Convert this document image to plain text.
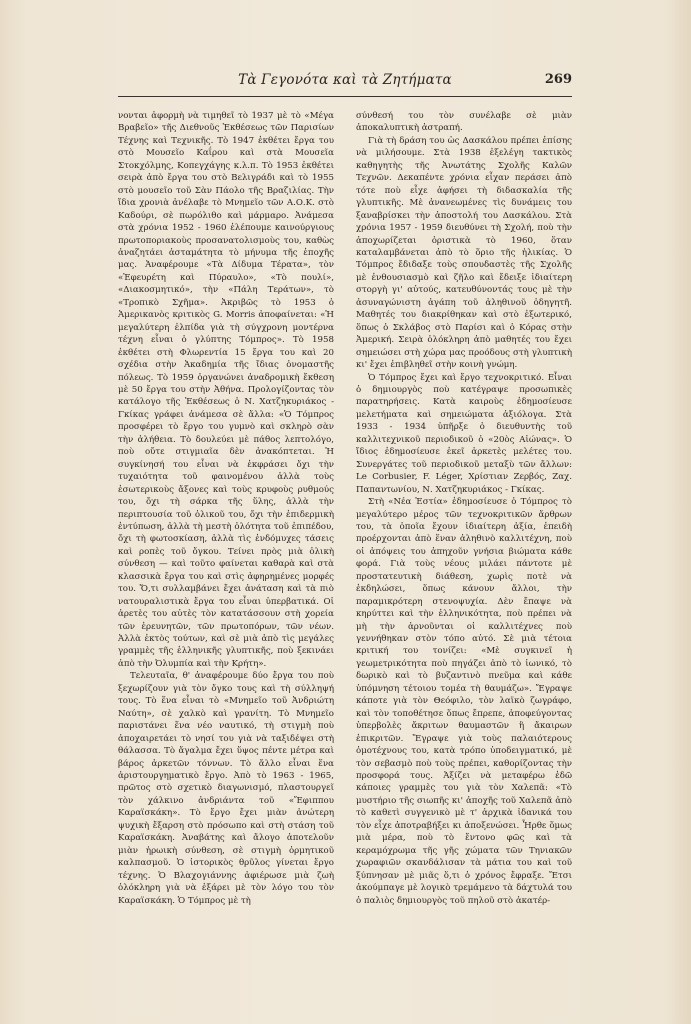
Τὰ Γεγονότα καὶ τὰ Ζητήματα	269

νονται ἀφορμὴ νὰ τιμηθεῖ τὸ 1937 μὲ τὸ «Μέγα Βραβεῖο» τῆς Διεθνοῦς Ἐκθέσεως τῶν Παρισίων Τέχνης καὶ Τεχνικῆς. Τὸ 1947 ἐκθέτει ἔργα του στὸ Μουσεῖο Καΐρου καὶ στὰ Μουσεῖα Στοκχόλμης, Κοπεγχάγης κ.λ.π. Τὸ 1953 ἐκθέτει σειρὰ ἀπὸ ἔργα του στὸ Βελιγράδι καὶ τὸ 1955 στὸ μουσεῖο τοῦ Σὰν Πάολο τῆς Βραζιλίας. Τὴν ἴδια χρονιὰ ἀνέλαβε τὸ Μνημεῖο τῶν Α.Ο.Κ. στὸ Καδούρι, σὲ πωρόλιθο καὶ μάρμαρο. Ἀνάμεσα στὰ χρόνια 1952 - 1960 ἐλέπουμε καινούργιους πρωτοποριακοὺς προσανατολισμοὺς του, καθὼς ἀναζητάει ἀσταμάτητα τὸ μήνυμα τῆς ἐποχῆς μας. Ἀναφέρουμε «Τὰ Δίδυμα Τέρατα», τὸν «Ἐφευρέτη καὶ Πύραυλο», «Τὸ πουλί», «Διακοσμητικό», τὴν «Πάλη Τεράτων», τὸ «Τροπικὸ Σχῆμα». Ἀκριβῶς τὸ 1953 ὁ Ἀμερικανὸς κριτικὸς G. Morris ἀποφαίνεται: «Ἡ μεγαλύτερη ἐλπίδα γιὰ τὴ σύγχρονη μοντέρνα τέχνη εἶναι ὁ γλύπτης Τόμπρος». Τὸ 1958 ἐκθέτει στὴ Φλωρεντία 15 ἔργα του καὶ 20 σχέδια στὴν Ἀκαδημία τῆς ἴδιας ὀνομαστῆς πόλεως. Τὸ 1959 ὀργανώνει ἀναδρομικὴ ἔκθεση μὲ 50 ἔργα του στὴν Ἀθήνα. Προλογίζοντας τὸν κατάλογο τῆς Ἐκθέσεως ὁ Ν. Χατζηκυριάκος - Γκίκας γράφει ἀνάμεσα σὲ ἄλλα: «Ὁ Τόμπρος προσφέρει τὸ ἔργο του γυμνὸ καὶ σκληρὸ σὰν τὴν ἀλήθεια. Τὸ δουλεύει μὲ πάθος λεπτολόγο, ποὺ οὔτε στιγμιαῖα δὲν ἀνακόπτεται. Ἡ συγκίνησή του εἶναι νὰ ἐκφράσει ὄχι τὴν τυχαιότητα τοῦ φαινομένου ἀλλὰ τοὺς ἐσωτερικοὺς ἄξονες καὶ τοὺς κρυφοὺς ρυθμούς του, ὄχι τὴ σάρκα τῆς ὕλης, ἀλλὰ τὴν περιπτουσία τοῦ ὁλικοῦ του, ὄχι τὴν ἐπιδερμικὴ ἐντύπωση, ἀλλὰ τὴ μεστὴ ὁλότητα τοῦ ἐπιπέδου, ὄχι τὴ φωτοσκίαση, ἀλλὰ τὶς ἐνδόμυχες τάσεις καὶ ροπὲς τοῦ ὄγκου. Τείνει πρὸς μιὰ ὁλικὴ σύνθεση — καὶ τοῦτο φαίνεται καθαρὰ καὶ στὰ κλασσικὰ ἔργα του καὶ στὶς ἀφηρημένες μορφές του. Ὅ,τι συλλαμβάνει ἔχει ἀνάταση καὶ τὰ πιὸ νατουραλιστικὰ ἔργα του εἶναι ὑπερβατικά. Οἱ ἀρετὲς του αὐτὲς τὸν κατατάσσουν στὴ χορεία τῶν ἐρευνητῶν, τῶν πρωτοπόρων, τῶν νέων. Ἀλλὰ ἐκτὸς τούτων, καὶ σὲ μιὰ ἀπὸ τὶς μεγάλες γραμμὲς τῆς ἑλληνικῆς γλυπτικῆς, ποὺ ξεκινάει ἀπὸ τὴν Ὀλυμπία καὶ τὴν Κρήτη».

Τελευταῖα, θ' ἀναφέρουμε δύο ἔργα του ποὺ ξεχωρίζουν γιὰ τὸν ὄγκο τους καὶ τὴ σύλληψή τους. Τὸ ἕνα εἶναι τὸ «Μνημεῖο τοῦ Ἀνδριώτη Ναύτη», σὲ χαλκὸ καὶ γρανίτη. Τὸ Μνημεῖο παριστάνει ἕνα νέο ναυτικό, τὴ στιγμὴ ποὺ ἀποχαιρετάει τὸ νησί του γιὰ νὰ ταξιδέψει στὴ θάλασσα. Τὸ ἄγαλμα ἔχει ὕψος πέντε μέτρα καὶ βάρος ἀρκετῶν τόννων. Τὸ ἄλλο εἶναι ἕνα ἀριστουργηματικὸ ἔργο. Ἀπὸ τὸ 1963 - 1965, πρῶτος στὸ σχετικὸ διαγωνισμό, πλαστουργεῖ τὸν χάλκινο ἀνδριάντα τοῦ «Ἔφιππου Καραϊσκάκη». Τὸ ἔργο ἔχει μιὰν ἀνώτερη ψυχικὴ ἔξαρση στὸ πρόσωπο καὶ στὴ στάση τοῦ Καραϊσκάκη. Ἀναβάτης καὶ ἄλογο ἀποτελοῦν μιὰν ἡρωικὴ σύνθεση, σὲ στιγμὴ ὁρμητικοῦ καλπασμοῦ. Ὁ ἱστορικὸς θρῦλος γίνεται ἔργο τέχνης. Ὁ Βλαχογιάννης ἀφιέρωσε μιὰ ζωὴ ὁλόκληρη γιὰ νὰ ἐξάρει μὲ τὸν λόγο του τὸν Καραϊσκάκη. Ὁ Τόμπρος μὲ τὴ

σύνθεσή του τὸν συνέλαβε σὲ μιὰν ἀποκαλυπτικὴ ἀστραπή.

Γιὰ τὴ δράση του ὡς Δασκάλου πρέπει ἐπίσης νὰ μιλήσουμε. Στὰ 1938 ἐξελέγη τακτικὸς καθηγητὴς τῆς Ἀνωτάτης Σχολῆς Καλῶν Τεχνῶν. Δεκαπέντε χρόνια εἶχαν περάσει ἀπὸ τότε ποὺ εἶχε ἀφήσει τὴ διδασκαλία τῆς γλυπτικῆς. Μὲ ἀνανεωμένες τὶς δυνάμεις του ξαναβρίσκει τὴν ἀποστολή του Δασκάλου. Στὰ χρόνια 1957 - 1959 διευθύνει τὴ Σχολή, ποὺ τὴν ἀποχωρίζεται ὁριστικὰ τὸ 1960, ὅταν καταλαμβάνεται ἀπὸ τὸ ὅριο τῆς ἡλικίας. Ὁ Τόμπρος ἔδιδαξε τοὺς σπουδαστὲς τῆς Σχολῆς μὲ ἐνθουσιασμὸ καὶ ζῆλο καὶ ἔδειξε ἰδιαίτερη στοργὴ γι' αὐτούς, κατευθύνοντάς τους μὲ τὴν ἀσυναγώνιστη ἀγάπη τοῦ ἀληθινοῦ ὁδηγητῆ. Μαθητές του διακρίθηκαν καὶ στὸ ἐξωτερικό, ὅπως ὁ Σκλάβος στὸ Παρίσι καὶ ὁ Κόρας στὴν Ἀμερική. Σειρὰ ὁλόκληρη ἀπὸ μαθητές του ἔχει σημειώσει στὴ χώρα μας προόδους στὴ γλυπτικὴ κι' ἔχει ἐπιβληθεῖ στὴν κοινὴ γνώμη.

Ὁ Τόμπρος ἔχει καὶ ἔργο τεχνοκριτικό. Εἶναι ὁ δημιουργὸς ποὺ κατέγραψε προσωπικὲς παρατηρήσεις. Κατὰ καιροὺς ἐδημοσίευσε μελετήματα καὶ σημειώματα ἀξιόλογα. Στὰ 1933 - 1934 ὑπῆρξε ὁ διευθυντὴς τοῦ καλλιτεχνικοῦ περιοδικοῦ ὁ «20ὸς Αἰώνας». Ὁ ἴδιος ἐδημοσίευσε ἐκεῖ ἀρκετὲς μελέτες του. Συνεργάτες τοῦ περιοδικοῦ μεταξὺ τῶν ἄλλων: Le Corbusier, F. Léger, Χρίστιαν Ζερβός, Ζαχ. Παπαντωνίου, Ν. Χατζηκυριάκος - Γκίκας.

Στὴ «Νέα Ἑστία» ἐδημοσίευσε ὁ Τόμπρος τὸ μεγαλύτερο μέρος τῶν τεχνοκριτικῶν ἄρθρων του, τὰ ὁποῖα ἔχουν ἰδιαίτερη ἀξία, ἐπειδὴ προέρχονται ἀπὸ ἕναν ἀληθινὸ καλλιτέχνη, ποὺ οἱ ἀπόψεις του ἀπηχοῦν γνήσια βιώματα κάθε φορά. Γιὰ τοὺς νέους μιλάει πάντοτε μὲ προστατευτικὴ διάθεση, χωρὶς ποτὲ νὰ ἐκδηλώσει, ὅπως κάνουν ἄλλοι, τὴν παραμικρότερη στενοψυχία. Δὲν ἔπαψε νὰ κηρύττει καὶ τὴν ἑλληνικότητα, ποὺ πρέπει νὰ μὴ τὴν ἀρνοῦνται οἱ καλλιτέχνες ποὺ γεννήθηκαν στὸν τόπο αὐτό. Σὲ μιὰ τέτοια κριτική του τονίζει: «Μὲ συγκινεῖ ἡ γεωμετρικότητα ποὺ πηγάζει ἀπὸ τὸ ἰωνικό, τὸ δωρικὸ καὶ τὸ βυζαντινὸ πνεῦμα καὶ κάθε ὑπόμνηση τέτοιου τομέα τὴ θαυμάζω». Ἔγραψε κάποτε γιὰ τὸν Θεόφιλο, τὸν λαϊκὸ ζωγράφο, καὶ τὸν τοποθέτησε ὅπως ἔπρεπε, ἀποφεύγοντας ὑπερβολὲς ἄκριτων θαυμαστῶν ἢ ἄκαιρων ἐπικριτῶν. Ἔγραψε γιὰ τοὺς παλαιότερους ὁμοτέχνους του, κατὰ τρόπο ὑποδειγματικό, μὲ τὸν σεβασμὸ ποὺ τοὺς πρέπει, καθορίζοντας τὴν προσφορά τους. Ἀξίζει νὰ μεταφέρω ἐδῶ κάποιες γραμμὲς του γιὰ τὸν Χαλεπᾶ: «Τὸ μυστήριο τῆς σιωπῆς κι' ἀποχῆς τοῦ Χαλεπᾶ ἀπὸ τὸ καθετὶ συγγενικὸ μὲ τ' ἀρχικὰ ἰδανικά του τὸν εἶχε ἀποτραβήξει κι ἀποξενώσει. Ἦρθε ὅμως μιὰ μέρα, ποὺ τὸ ἔντονο φῶς καὶ τὰ κεραμόχρωμα τῆς γῆς χώματα τῶν Τηνιακῶν χωραφιῶν σκανδάλισαν τὰ μάτια του καὶ τοῦ ξύπνησαν μὲ μιᾶς ὅ,τι ὁ χρόνος ἔφραξε. Ἔτσι ἀκούμπαγε μὲ λογικὸ τρεμάμενο τὰ δάχτυλά του ὁ παλιὸς δημιουργὸς τοῦ πηλοῦ στὸ ἀκατέρ-
